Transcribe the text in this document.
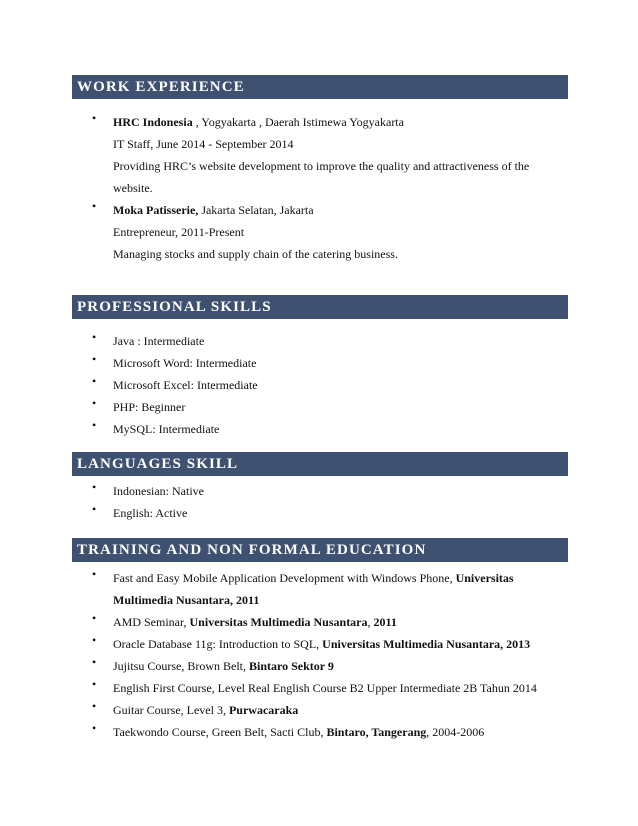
WORK EXPERIENCE
• HRC Indonesia , Yogyakarta , Daerah Istimewa Yogyakarta
IT Staff, June 2014 - September 2014
Providing HRC’s website development to improve the quality and attractiveness of the
website.
• Moka Patisserie, Jakarta Selatan, Jakarta
Entrepreneur, 2011-Present
Managing stocks and supply chain of the catering business.
PROFESSIONAL SKILLS
• Java : Intermediate
• Microsoft Word: Intermediate
• Microsoft Excel: Intermediate
• PHP: Beginner
• MySQL: Intermediate
LANGUAGES SKILL
• Indonesian: Native
• English: Active
TRAINING AND NON FORMAL EDUCATION
• Fast and Easy Mobile Application Development with Windows Phone, Universitas
Multimedia Nusantara, 2011
• AMD Seminar, Universitas Multimedia Nusantara, 2011
• Oracle Database 11g: Introduction to SQL, Universitas Multimedia Nusantara, 2013
• Jujitsu Course, Brown Belt, Bintaro Sektor 9
• English First Course, Level Real English Course B2 Upper Intermediate 2B Tahun 2014
• Guitar Course, Level 3, Purwacaraka
• Taekwondo Course, Green Belt, Sacti Club, Bintaro, Tangerang, 2004-2006
